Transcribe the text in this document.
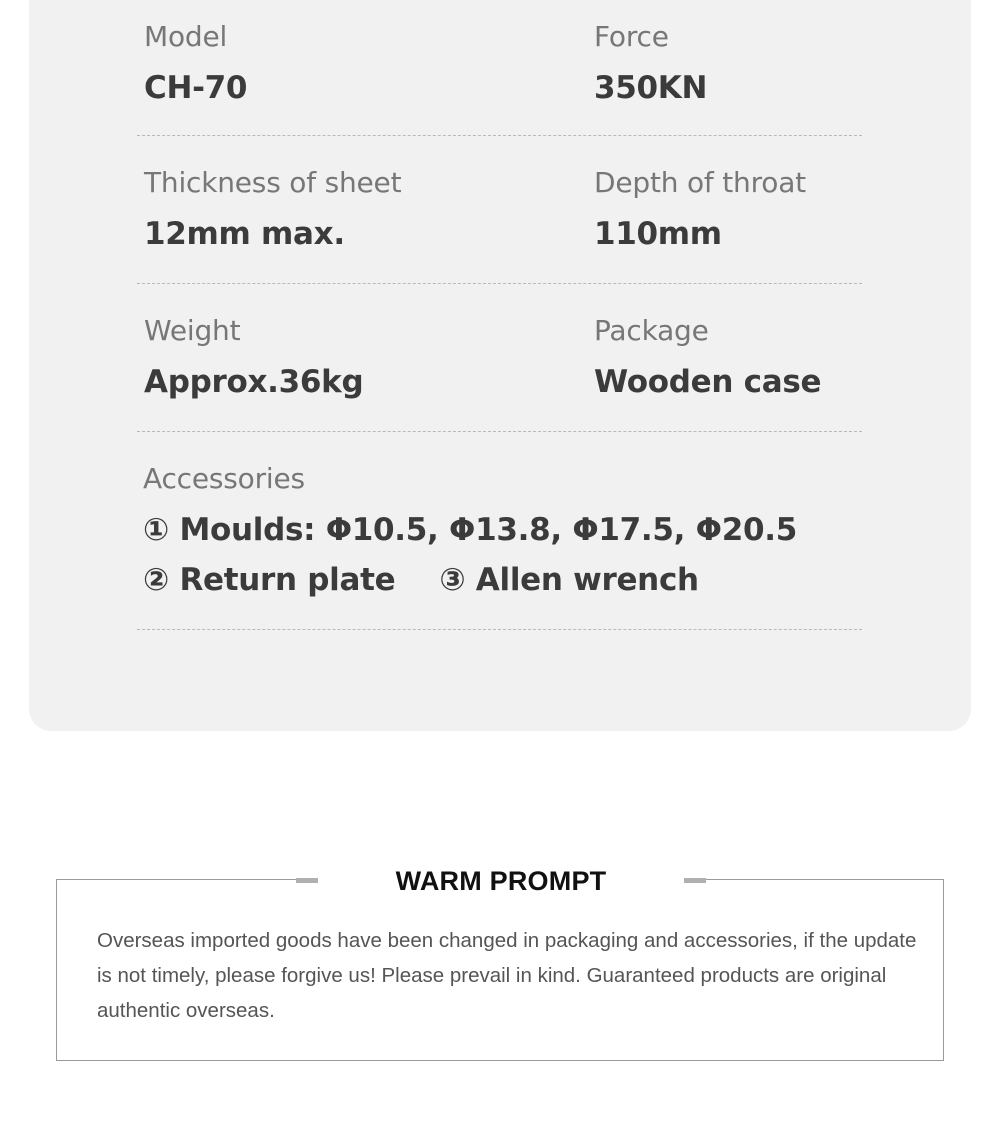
Model
CH-70
Force
350KN
Thickness of sheet
12mm max.
Depth of throat
110mm
Weight
Approx.36kg
Package
Wooden case
Accessories
① Moulds: Φ10.5, Φ13.8, Φ17.5, Φ20.5
② Return plate ③ Allen wrench
WARM PROMPT
Overseas imported goods have been changed in packaging and accessories, if the update is not timely, please forgive us! Please prevail in kind. Guaranteed products are original authentic overseas.
